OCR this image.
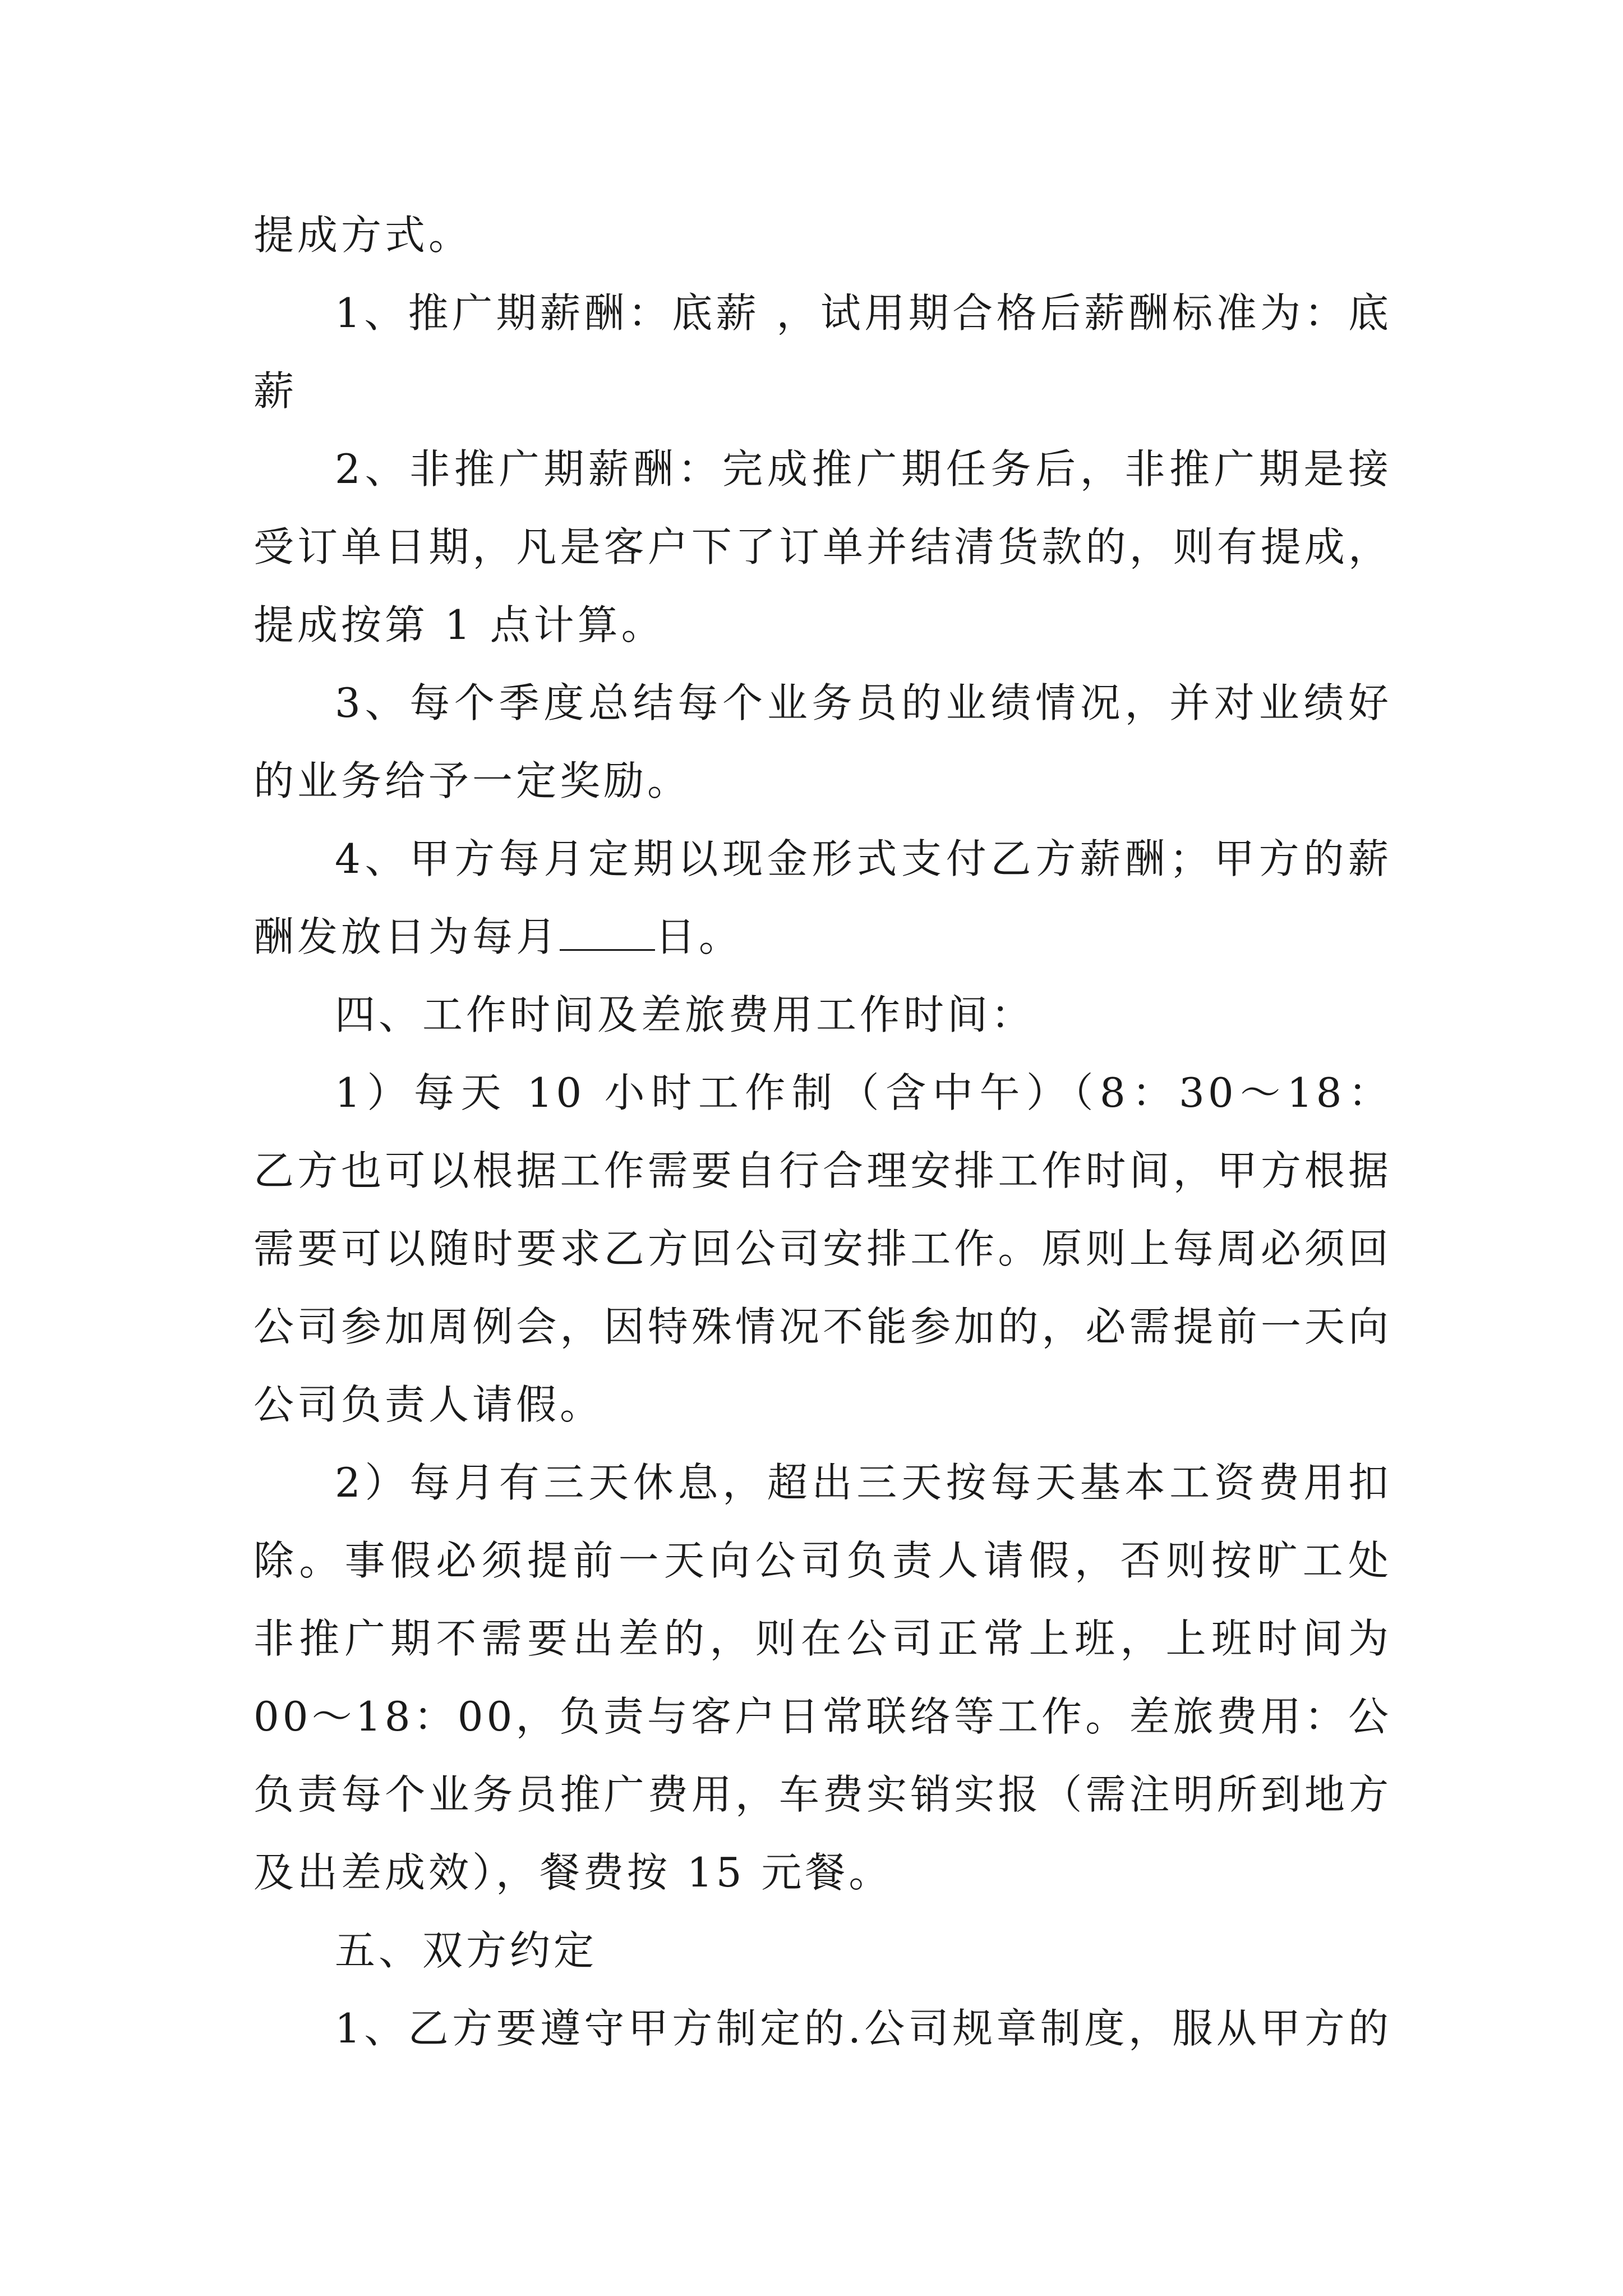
提成方式。
1、推广期薪酬：底薪 ，试用期合格后薪酬标准为：底
薪
2、非推广期薪酬：完成推广期任务后，非推广期是接
受订单日期，凡是客户下了订单并结清货款的，则有提成，
提成按第 1 点计算。
3、每个季度总结每个业务员的业绩情况，并对业绩好
的业务给予一定奖励。
4、甲方每月定期以现金形式支付乙方薪酬；甲方的薪
酬发放日为每月 日。
四、工作时间及差旅费用工作时间：
1）每天 10 小时工作制（含中午）（8：30～18：
乙方也可以根据工作需要自行合理安排工作时间，甲方根据
需要可以随时要求乙方回公司安排工作。原则上每周必须回
公司参加周例会，因特殊情况不能参加的，必需提前一天向
公司负责人请假。
2）每月有三天休息，超出三天按每天基本工资费用扣
除。事假必须提前一天向公司负责人请假，否则按旷工处
非推广期不需要出差的，则在公司正常上班，上班时间为
00～18：00，负责与客户日常联络等工作。差旅费用：公
负责每个业务员推广费用，车费实销实报（需注明所到地方
及出差成效），餐费按 15 元餐。
五、双方约定
1、乙方要遵守甲方制定的.公司规章制度，服从甲方的
